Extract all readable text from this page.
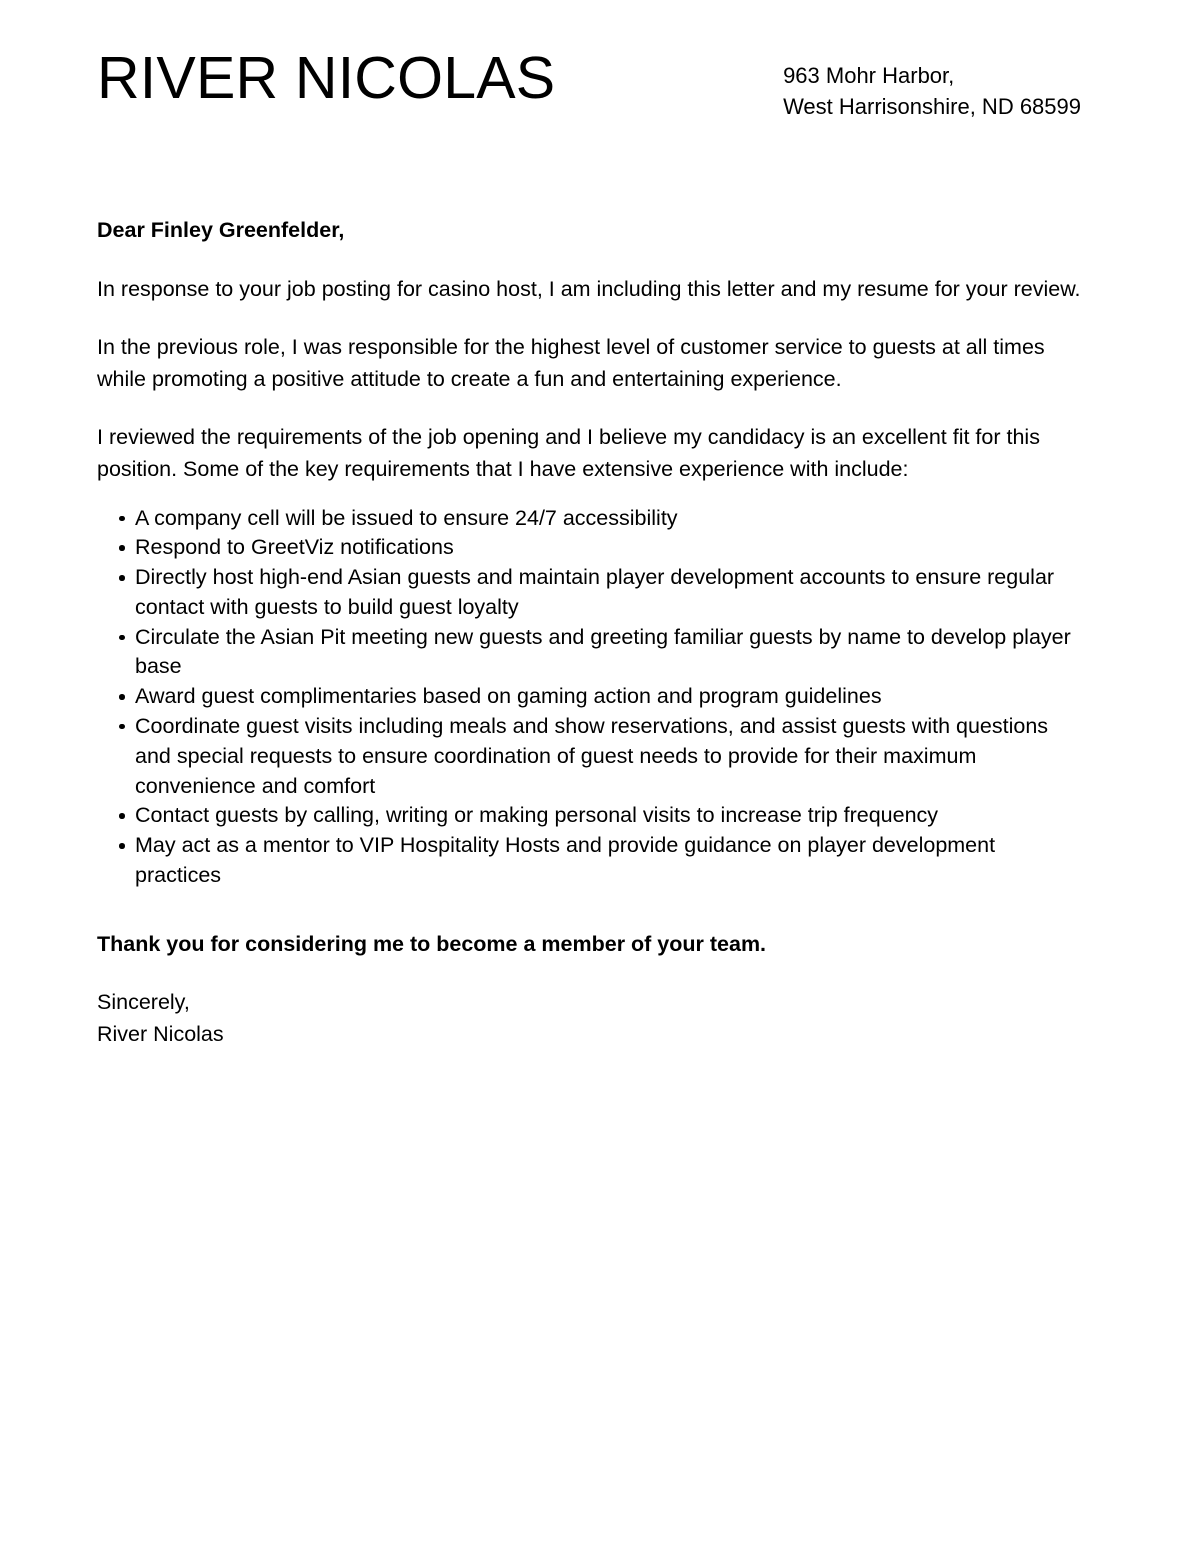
RIVER NICOLAS	963 Mohr Harbor,
West Harrisonshire, ND 68599

Dear Finley Greenfelder,

In response to your job posting for casino host, I am including this letter and my resume for your review.

In the previous role, I was responsible for the highest level of customer service to guests at all times while promoting a positive attitude to create a fun and entertaining experience.

I reviewed the requirements of the job opening and I believe my candidacy is an excellent fit for this position. Some of the key requirements that I have extensive experience with include:

A company cell will be issued to ensure 24/7 accessibility
Respond to GreetViz notifications
Directly host high-end Asian guests and maintain player development accounts to ensure regular contact with guests to build guest loyalty
Circulate the Asian Pit meeting new guests and greeting familiar guests by name to develop player base
Award guest complimentaries based on gaming action and program guidelines
Coordinate guest visits including meals and show reservations, and assist guests with questions and special requests to ensure coordination of guest needs to provide for their maximum convenience and comfort
Contact guests by calling, writing or making personal visits to increase trip frequency
May act as a mentor to VIP Hospitality Hosts and provide guidance on player development practices

Thank you for considering me to become a member of your team.

Sincerely,
River Nicolas
